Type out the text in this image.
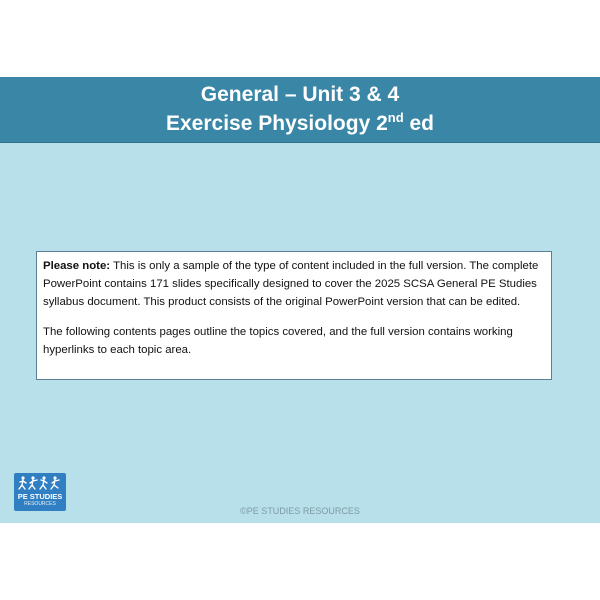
General – Unit 3 & 4
Exercise Physiology 2nd ed

Please note: This is only a sample of the type of content included in the full version. The complete PowerPoint contains 171 slides specifically designed to cover the 2025 SCSA General PE Studies syllabus document. This product consists of the original PowerPoint version that can be edited.

The following contents pages outline the topics covered, and the full version contains working hyperlinks to each topic area.

PE STUDIES
RESOURCES
©PE STUDIES RESOURCES
